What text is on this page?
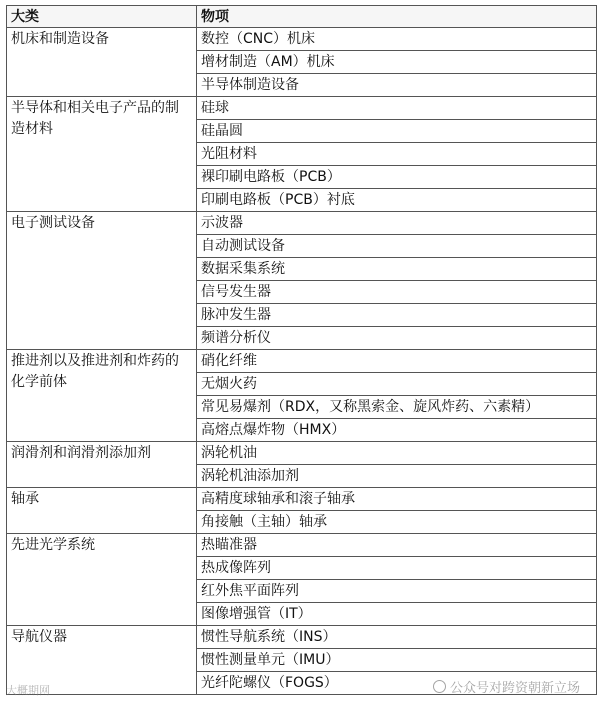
大类	物项
机床和制造设备	数控（CNC）机床
	增材制造（AM）机床
	半导体制造设备
半导体和相关电子产品的制造材料	硅球
	硅晶圆
	光阻材料
	裸印刷电路板（PCB）
	印刷电路板（PCB）衬底
电子测试设备	示波器
	自动测试设备
	数据采集系统
	信号发生器
	脉冲发生器
	频谱分析仪
推进剂以及推进剂和炸药的化学前体	硝化纤维
	无烟火药
	常见易爆剂（RDX，又称黑索金、旋风炸药、六素精）
	高熔点爆炸物（HMX）
润滑剂和润滑剂添加剂	涡轮机油
	涡轮机油添加剂
轴承	高精度球轴承和滚子轴承
	角接触（主轴）轴承
先进光学系统	热瞄准器
	热成像阵列
	红外焦平面阵列
	图像增强管（IT）
导航仪器	惯性导航系统（INS）
	惯性测量单元（IMU）
	光纤陀螺仪（FOGS）
大概期网	公众号对跨资朝新立场
